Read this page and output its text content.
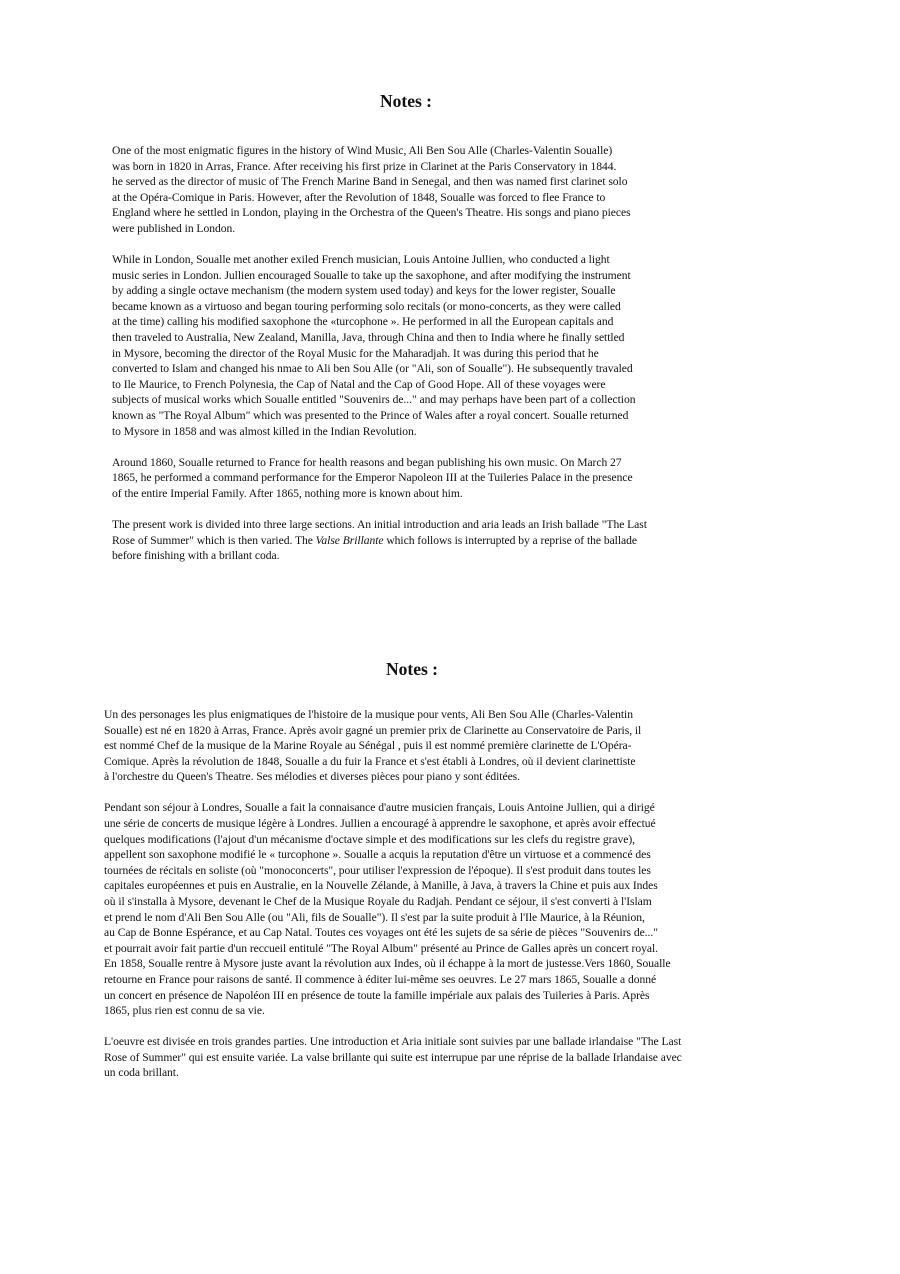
Notes :

One of the most enigmatic figures in the history of Wind Music, Ali Ben Sou Alle (Charles-Valentin Soualle)
was born in 1820 in Arras, France. After receiving his first prize in Clarinet at the Paris Conservatory in 1844.
he served as the director of music of The French Marine Band in Senegal, and then was named first clarinet solo
at the Opéra-Comique in Paris. However, after the Revolution of 1848, Soualle was forced to flee France to
England where he settled in London, playing in the Orchestra of the Queen's Theatre. His songs and piano pieces
were published in London.

While in London, Soualle met another exiled French musician, Louis Antoine Jullien, who conducted a light
music series in London. Jullien encouraged Soualle to take up the saxophone, and after modifying the instrument
by adding a single octave mechanism (the modern system used today) and keys for the lower register, Soualle
became known as a virtuoso and began touring performing solo recitals (or mono-concerts, as they were called
at the time) calling his modified saxophone the «turcophone ». He performed in all the European capitals and
then traveled to Australia, New Zealand, Manilla, Java, through China and then to India where he finally settled
in Mysore, becoming the director of the Royal Music for the Maharadjah. It was during this period that he
converted to Islam and changed his nmae to Ali ben Sou Alle (or "Ali, son of Soualle"). He subsequently travaled
to Ile Maurice, to French Polynesia, the Cap of Natal and the Cap of Good Hope. All of these voyages were
subjects of musical works which Soualle entitled "Souvenirs de..." and may perhaps have been part of a collection
known as "The Royal Album" which was presented to the Prince of Wales after a royal concert. Soualle returned
to Mysore in 1858 and was almost killed in the Indian Revolution.

Around 1860, Soualle returned to France for health reasons and began publishing his own music. On March 27
1865, he performed a command performance for the Emperor Napoleon III at the Tuileries Palace in the presence
of the entire Imperial Family. After 1865, nothing more is known about him.

The present work is divided into three large sections. An initial introduction and aria leads an Irish ballade "The Last
Rose of Summer" which is then varied. The Valse Brillante which follows is interrupted by a reprise of the ballade
before finishing with a brillant coda.

Notes :

Un des personages les plus enigmatiques de l'histoire de la musique pour vents, Ali Ben Sou Alle (Charles-Valentin
Soualle) est né en 1820 à Arras, France. Après avoir gagné un premier prix de Clarinette au Conservatoire de Paris, il
est nommé Chef de la musique de la Marine Royale au Sénégal , puis il est nommé première clarinette de L'Opéra-
Comique. Après la révolution de 1848, Soualle a du fuir la France et s'est établi à Londres, où il devient clarinettiste
à l'orchestre du Queen's Theatre. Ses mélodies et diverses pièces pour piano y sont éditées.

Pendant son séjour à Londres, Soualle a fait la connaisance d'autre musicien français, Louis Antoine Jullien, qui a dirigé
une série de concerts de musique légère à Londres. Jullien a encouragé à apprendre le saxophone, et après avoir effectué
quelques modifications (l'ajout d'un mécanisme d'octave simple et des modifications sur les clefs du registre grave),
appellent son saxophone modifié le « turcophone ». Soualle a acquis la reputation d'être un virtuose et a commencé des
tournées de récitals en soliste (où "monoconcerts", pour utiliser l'expression de l'époque). Il s'est produit dans toutes les
capitales européennes et puis en Australie, en la Nouvelle Zélande, à Manille, à Java, à travers la Chine et puis aux Indes
où il s'installa à Mysore, devenant le Chef de la Musique Royale du Radjah. Pendant ce séjour, il s'est converti à l'Islam
et prend le nom d'Ali Ben Sou Alle (ou "Ali, fils de Soualle"). Il s'est par la suite produit à l'Ile Maurice, à la Réunion,
au Cap de Bonne Espérance, et au Cap Natal. Toutes ces voyages ont été les sujets de sa série de pièces "Souvenirs de..."
et pourrait avoir fait partie d'un reccueil entitulé "The Royal Album" présenté au Prince de Galles après un concert royal.
En 1858, Soualle rentre à Mysore juste avant la révolution aux Indes, où il échappe à la mort de justesse.Vers 1860, Soualle
retourne en France pour raisons de santé. Il commence à éditer lui-même ses oeuvres. Le 27 mars 1865, Soualle a donné
un concert en présence de Napoléon III en présence de toute la famille impériale aux palais des Tuileries à Paris. Après
1865, plus rien est connu de sa vie.

L'oeuvre est divisée en trois grandes parties. Une introduction et Aria initiale sont suivies par une ballade irlandaise "The Last
Rose of Summer" qui est ensuite variée. La valse brillante qui suite est interrupue par une réprise de la ballade Irlandaise avec
un coda brillant.
